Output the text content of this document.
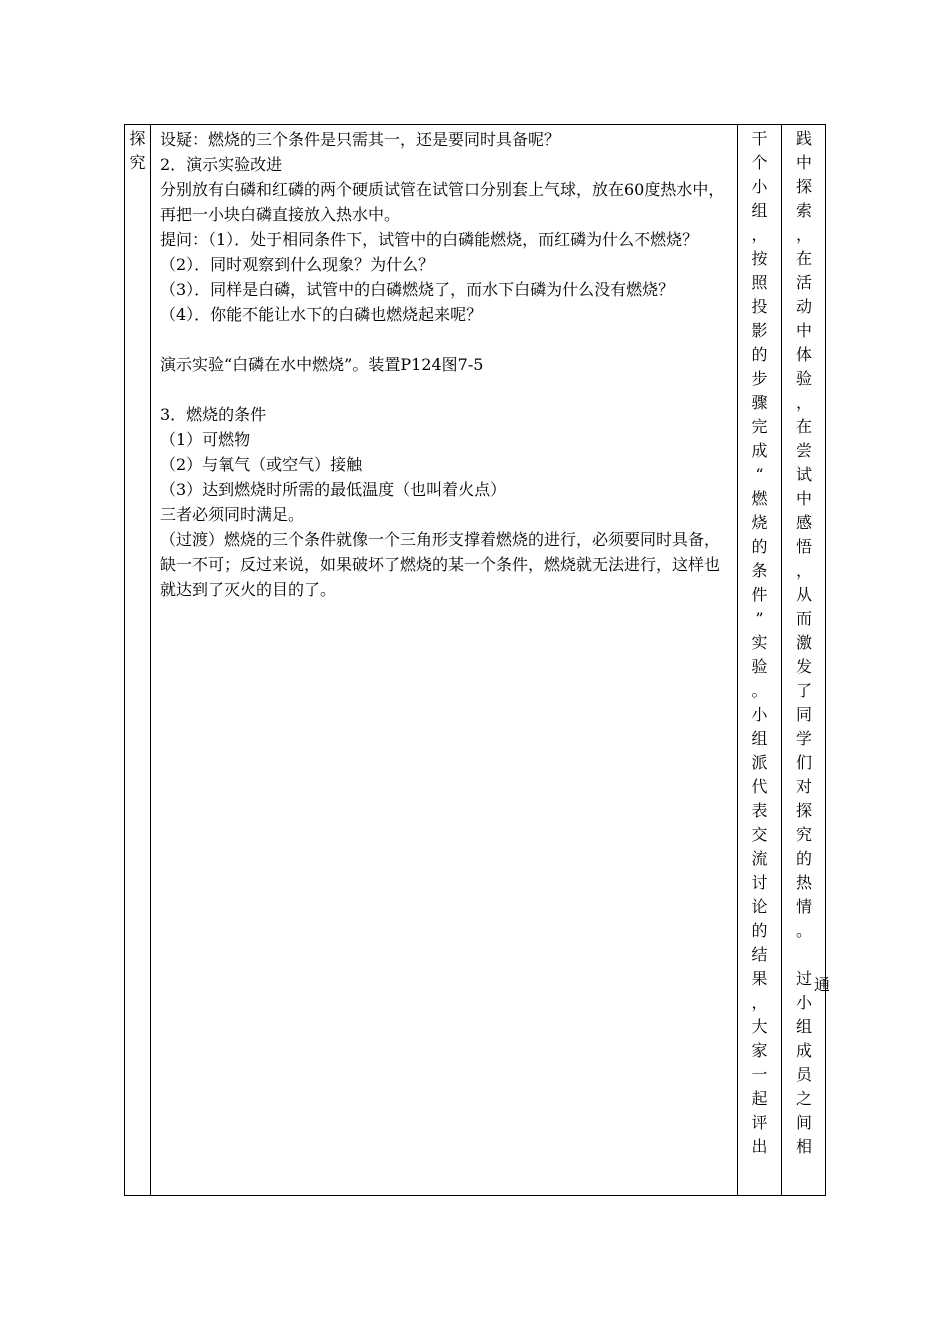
探
究

设疑：燃烧的三个条件是只需其一，还是要同时具备呢？

2．演示实验改进

分别放有白磷和红磷的两个硬质试管在试管口分别套上气球，放在60度热水中，再把一小块白磷直接放入热水中。

提问：（1）．处于相同条件下，试管中的白磷能燃烧，而红磷为什么不燃烧？

（2）．同时观察到什么现象？为什么？

（3）．同样是白磷，试管中的白磷燃烧了，而水下白磷为什么没有燃烧？

（4）．你能不能让水下的白磷也燃烧起来呢？

演示实验“白磷在水中燃烧”。装置P124图7-5

3．燃烧的条件

（1）可燃物

（2）与氧气（或空气）接触

（3）达到燃烧时所需的最低温度（也叫着火点）

三者必须同时满足。

（过渡）燃烧的三个条件就像一个三角形支撑着燃烧的进行，必须要同时具备，缺一不可；反过来说，如果破坏了燃烧的某一个条件，燃烧就无法进行，这样也就达到了灭火的目的了。

干
个
小
组
，
按
照
投
影
的
步
骤
完
成
“
燃
烧
的
条
件
”
实
验
。
小
组
派
代
表
交
流
讨
论
的
结
果
，
大
家
一
起
评
出
践
中
探
索
，
在
活
动
中
体
验
，
在
尝
试
中
感
悟
，
从
而
激
发
了
同
学
们
对
探
究
的
热
情
。

过
小
组
成
员
之
间
相
通
